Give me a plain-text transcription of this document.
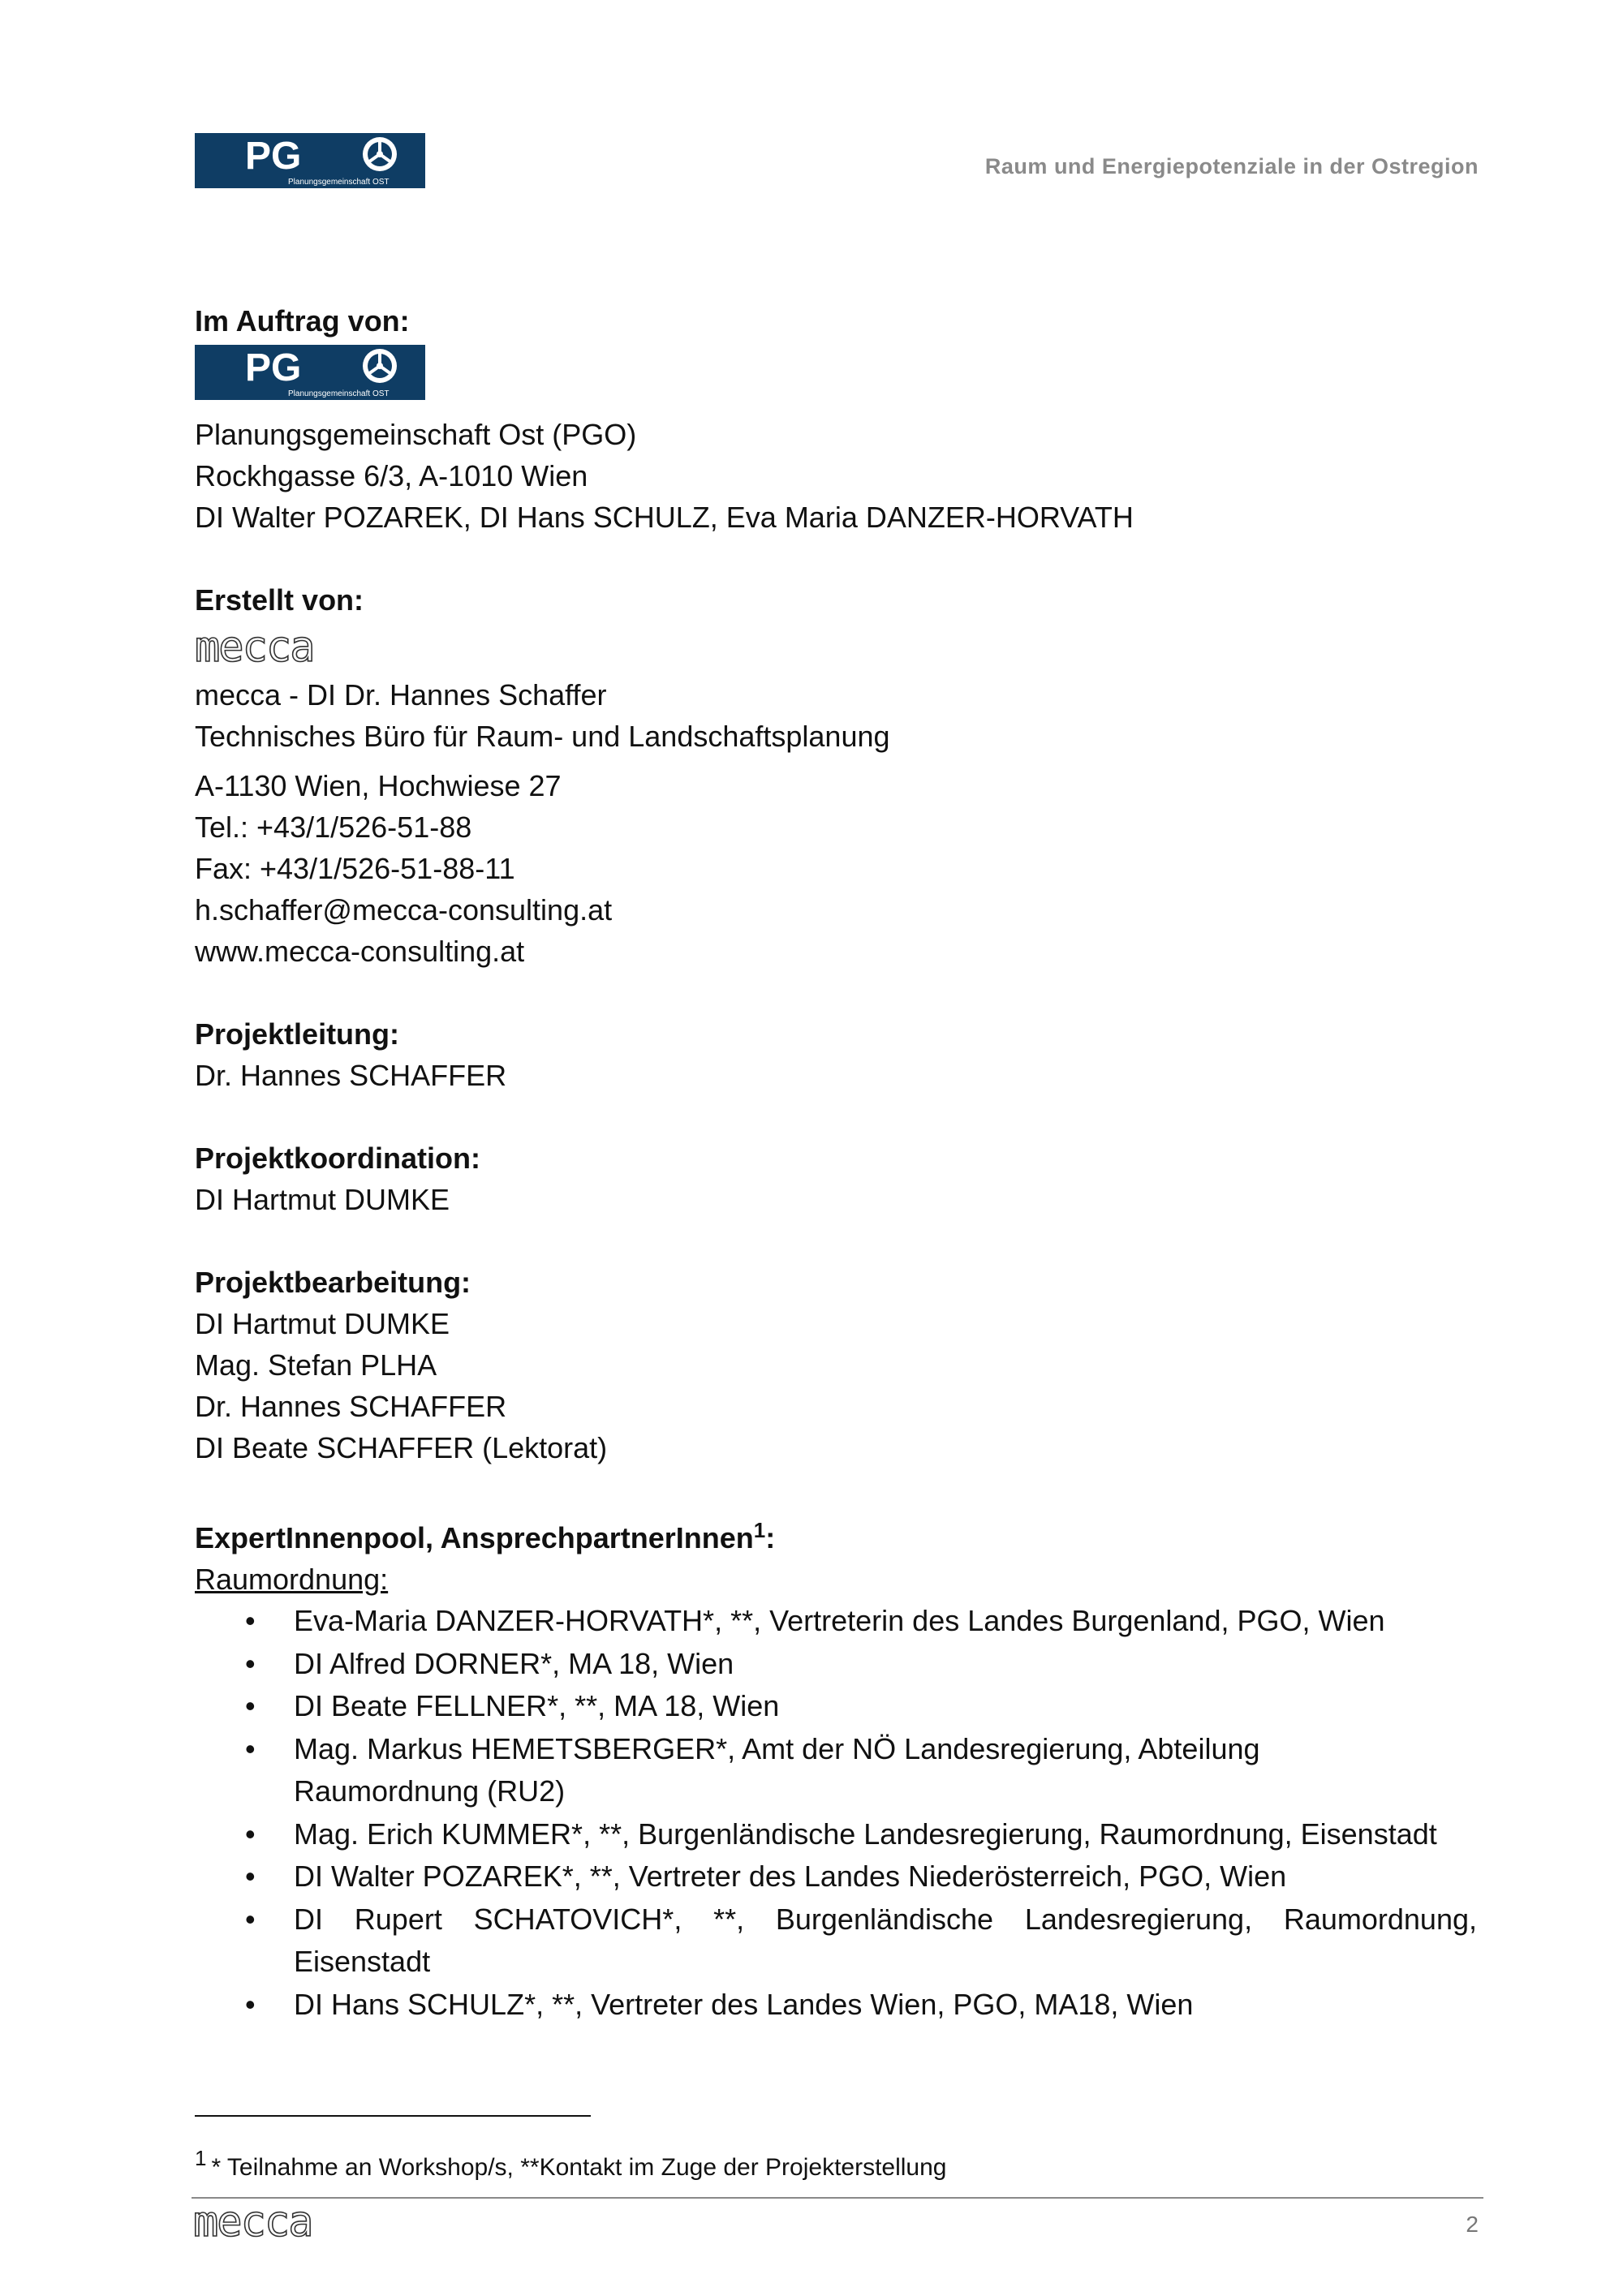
PG
Planungsgemeinschaft OST
Raum und Energiepotenziale in der Ostregion

Im Auftrag von:

PG
Planungsgemeinschaft OST

Planungsgemeinschaft Ost (PGO)

Rockhgasse 6/3, A-1010 Wien

DI Walter POZAREK, DI Hans SCHULZ, Eva Maria DANZER-HORVATH

Erstellt von:

mecca

mecca - DI Dr. Hannes Schaffer

Technisches Büro für Raum- und Landschaftsplanung

A-1130 Wien, Hochwiese 27

Tel.: +43/1/526-51-88

Fax: +43/1/526-51-88-11

h.schaffer@mecca-consulting.at

www.mecca-consulting.at

Projektleitung:

Dr. Hannes SCHAFFER

Projektkoordination:

DI Hartmut DUMKE

Projektbearbeitung:

DI Hartmut DUMKE

Mag. Stefan PLHA

Dr. Hannes SCHAFFER

DI Beate SCHAFFER (Lektorat)

ExpertInnenpool, AnsprechpartnerInnen$^1$:

Raumordnung:

• Eva-Maria DANZER-HORVATH*, **, Vertreterin des Landes Burgenland, PGO, Wien
• DI Alfred DORNER*, MA 18, Wien
• DI Beate FELLNER*, **, MA 18, Wien
• Mag. Markus HEMETSBERGER*, Amt der NÖ Landesregierung, Abteilung Raumordnung (RU2)
• Mag. Erich KUMMER*, **, Burgenländische Landesregierung, Raumordnung, Eisenstadt
• DI Walter POZAREK*, **, Vertreter des Landes Niederösterreich, PGO, Wien
• DI Rupert SCHATOVICH*, **, Burgenländische Landesregierung, Raumordnung, Eisenstadt
• DI Hans SCHULZ*, **, Vertreter des Landes Wien, PGO, MA18, Wien
$^1$ * Teilnahme an Workshop/s, **Kontakt im Zuge der Projekterstellung
mecca	2
